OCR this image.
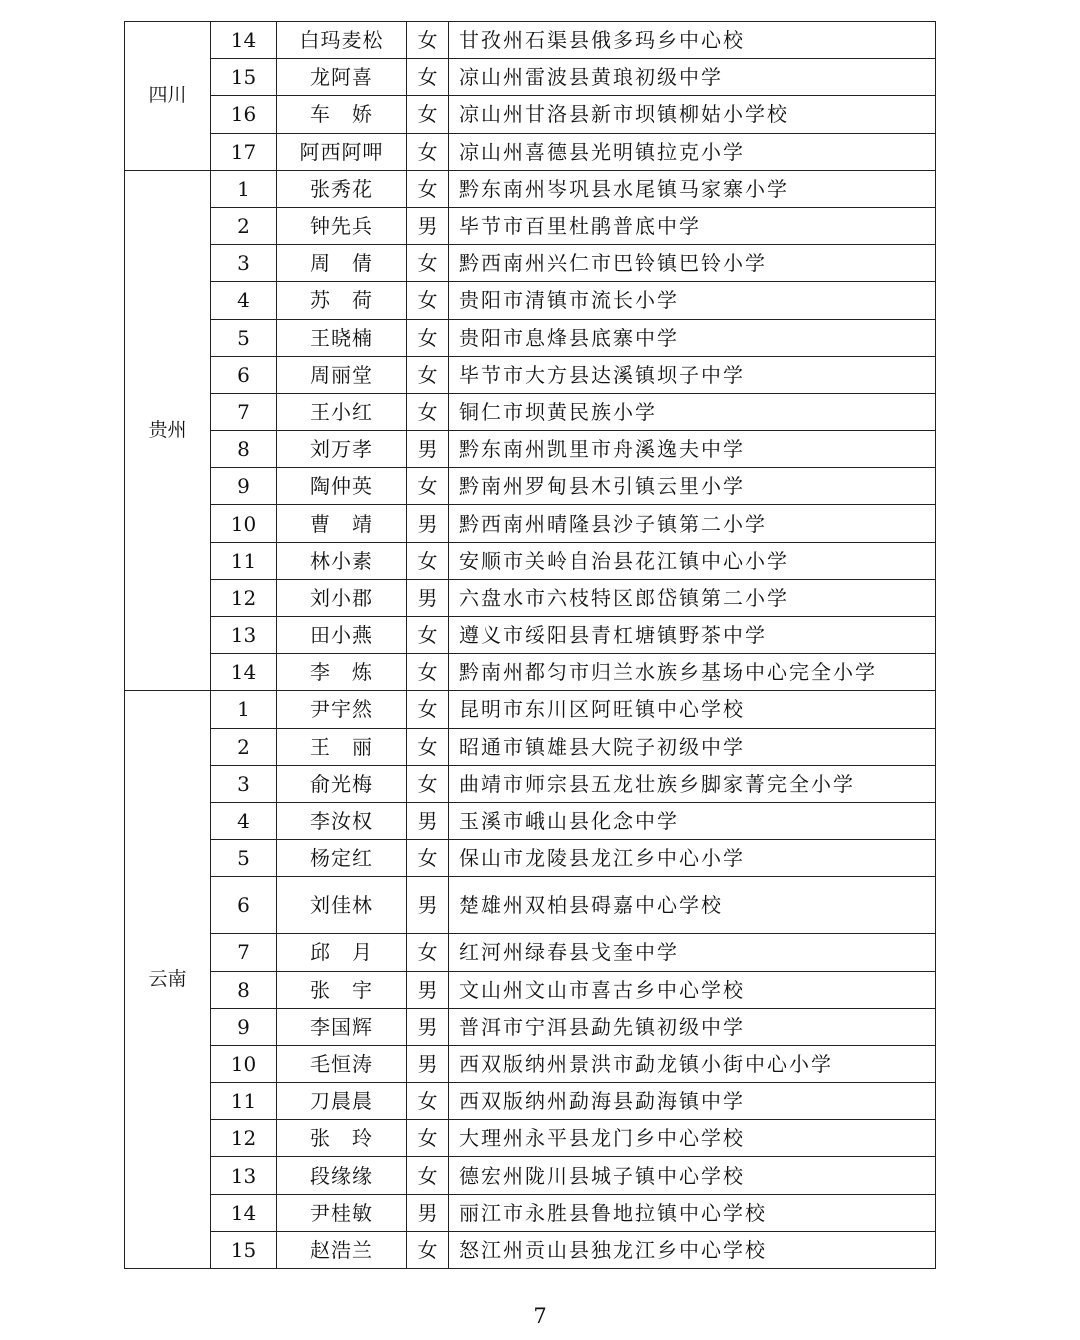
四川	14	白玛麦松	女	甘孜州石渠县俄多玛乡中心校
	15	龙阿喜	女	凉山州雷波县黄琅初级中学
	16	车　娇	女	凉山州甘洛县新市坝镇柳姑小学校
	17	阿西阿呷	女	凉山州喜德县光明镇拉克小学
贵州	1	张秀花	女	黔东南州岑巩县水尾镇马家寨小学
	2	钟先兵	男	毕节市百里杜鹃普底中学
	3	周　倩	女	黔西南州兴仁市巴铃镇巴铃小学
	4	苏　荷	女	贵阳市清镇市流长小学
	5	王晓楠	女	贵阳市息烽县底寨中学
	6	周丽堂	女	毕节市大方县达溪镇坝子中学
	7	王小红	女	铜仁市坝黄民族小学
	8	刘万孝	男	黔东南州凯里市舟溪逸夫中学
	9	陶仲英	女	黔南州罗甸县木引镇云里小学
	10	曹　靖	男	黔西南州晴隆县沙子镇第二小学
	11	林小素	女	安顺市关岭自治县花江镇中心小学
	12	刘小郡	男	六盘水市六枝特区郎岱镇第二小学
	13	田小燕	女	遵义市绥阳县青杠塘镇野茶中学
	14	李　炼	女	黔南州都匀市归兰水族乡基场中心完全小学
云南	1	尹宇然	女	昆明市东川区阿旺镇中心学校
	2	王　丽	女	昭通市镇雄县大院子初级中学
	3	俞光梅	女	曲靖市师宗县五龙壮族乡脚家菁完全小学
	4	李汝权	男	玉溪市峨山县化念中学
	5	杨定红	女	保山市龙陵县龙江乡中心小学
	6	刘佳林	男	楚雄州双柏县碍嘉中心学校
	7	邱　月	女	红河州绿春县戈奎中学
	8	张　宇	男	文山州文山市喜古乡中心学校
	9	李国辉	男	普洱市宁洱县勐先镇初级中学
	10	毛恒涛	男	西双版纳州景洪市勐龙镇小街中心小学
	11	刀晨晨	女	西双版纳州勐海县勐海镇中学
	12	张　玲	女	大理州永平县龙门乡中心学校
	13	段缘缘	女	德宏州陇川县城子镇中心学校
	14	尹桂敏	男	丽江市永胜县鲁地拉镇中心学校
	15	赵浩兰	女	怒江州贡山县独龙江乡中心学校
7
